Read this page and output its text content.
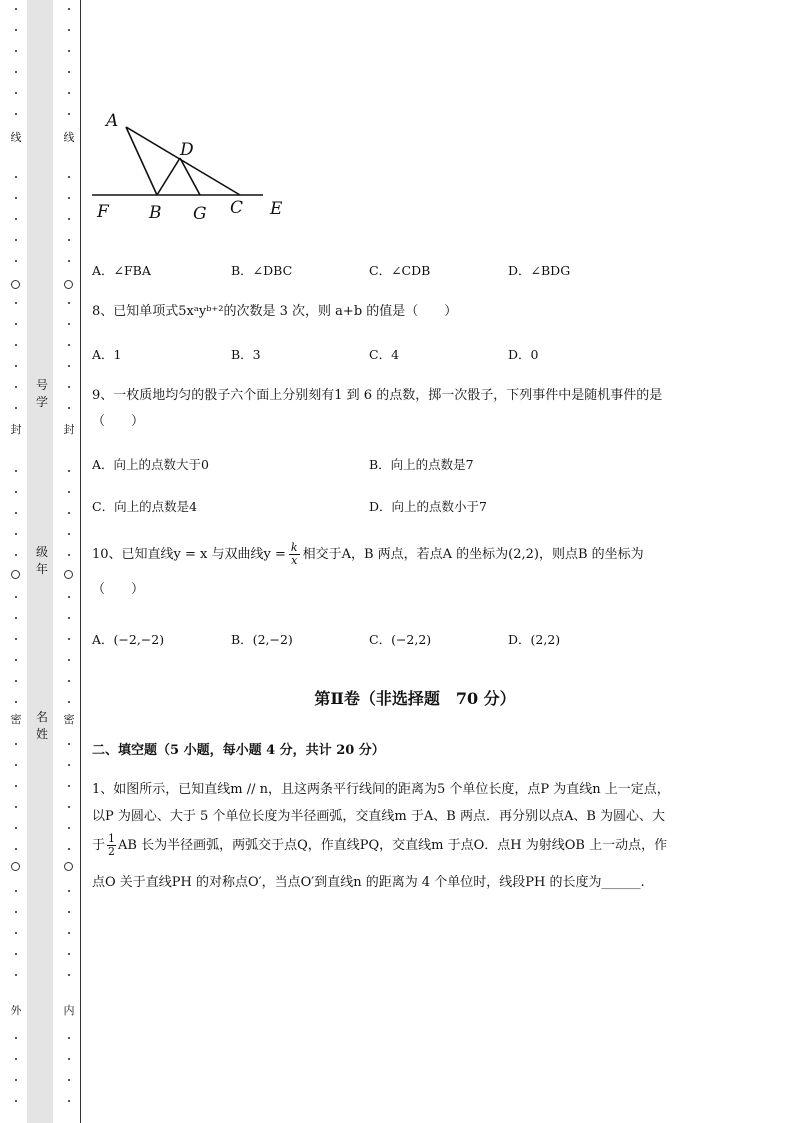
线
封
密
外
线
封
密
内
号学
级年
名姓
A
D
F B G C E
A．∠FBA	B．∠DBC	C．∠CDB	D．∠BDG
8、已知单项式5xᵃyᵇ⁺²的次数是 3 次，则 a+b 的值是（　　）
A．1	B．3	C．4	D．0
9、一枚质地均匀的骰子六个面上分别刻有1 到 6 的点数，掷一次骰子，下列事件中是随机事件的是
（　　）
A．向上的点数大于0	B．向上的点数是7
C．向上的点数是4	D．向上的点数小于7
10、已知直线y = x 与双曲线$y = \frac{k}{x}$ 相交于A，B 两点，若点A 的坐标为(2,2)，则点B 的坐标为
（　　）
A．(−2,−2)	B．(2,−2)	C．(−2,2)	D．(2,2)
第Ⅱ卷（非选择题　70 分）
二、填空题（5 小题，每小题 4 分，共计 20 分）
1、如图所示，已知直线m // n，且这两条平行线间的距离为5 个单位长度，点P 为直线n 上一定点，
以P 为圆心、大于 5 个单位长度为半径画弧，交直线m 于A、B 两点．再分别以点A、B 为圆心、大
于 $\frac{1}{2}$ AB 长为半径画弧，两弧交于点Q，作直线PQ，交直线m 于点O．点H 为射线OB 上一动点，作
点O 关于直线PH 的对称点O′，当点O′到直线n 的距离为 4 个单位时，线段PH 的长度为______.
